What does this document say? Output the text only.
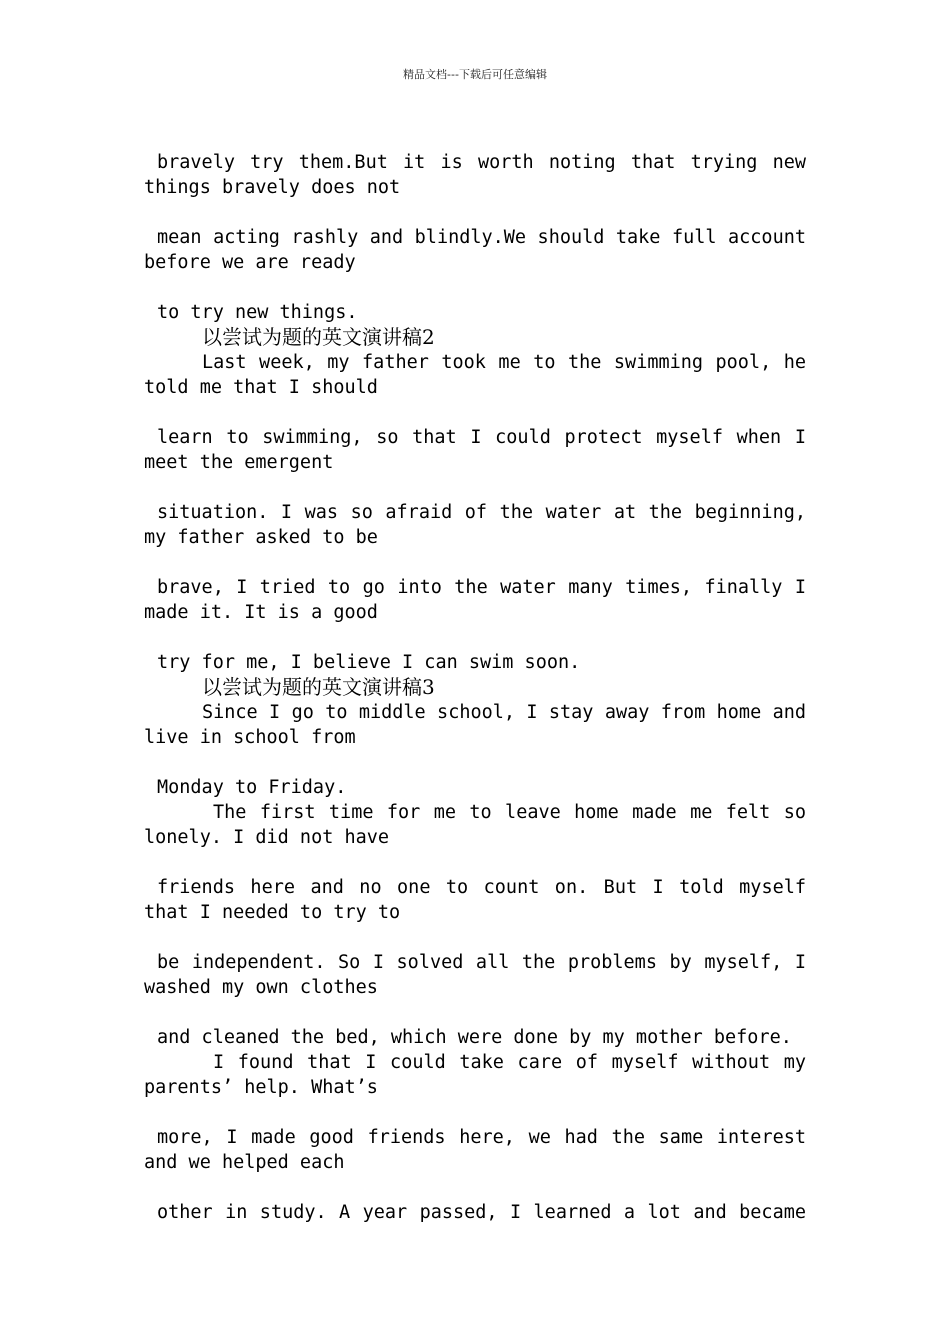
精品文档---下载后可任意编辑

bravely try them.But it is worth noting that trying new
things bravely does not

mean acting rashly and blindly.We should take full account
before we are ready

to try new things.

以尝试为题的英文演讲稿2

Last week, my father took me to the swimming pool, he
told me that I should

learn to swimming, so that I could protect myself when I
meet the emergent

situation. I was so afraid of the water at the beginning,
my father asked to be

brave, I tried to go into the water many times, finally I
made it. It is a good

try for me, I believe I can swim soon.

以尝试为题的英文演讲稿3

Since I go to middle school, I stay away from home and
live in school from

Monday to Friday.

The first time for me to leave home made me felt so
lonely. I did not have

friends here and no one to count on. But I told myself
that I needed to try to

be independent. So I solved all the problems by myself, I
washed my own clothes

and cleaned the bed, which were done by my mother before.

I found that I could take care of myself without my
parents’ help. What’s

more, I made good friends here, we had the same interest
and we helped each

other in study. A year passed, I learned a lot and became
